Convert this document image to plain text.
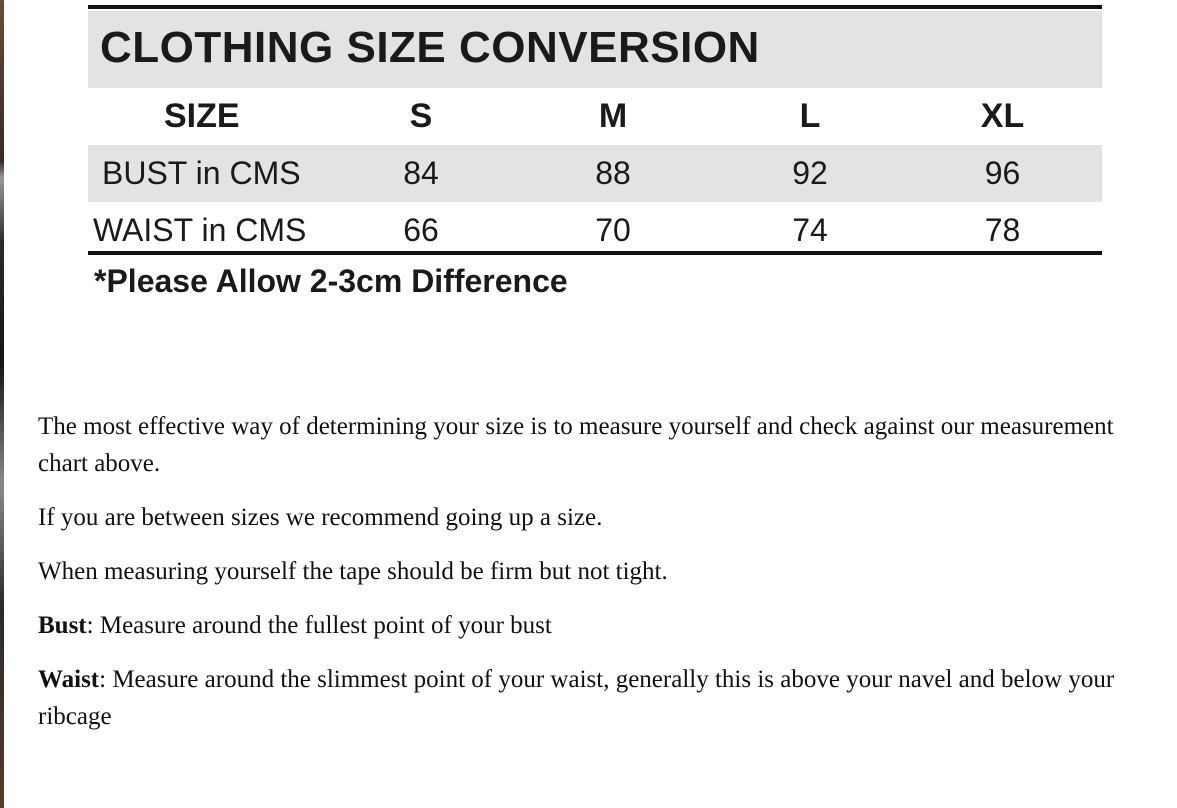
CLOTHING SIZE CONVERSION
SIZE	S	M	L	XL
BUST in CMS	84	88	92	96
WAIST in CMS	66	70	74	78
*Please Allow 2-3cm Difference

The most effective way of determining your size is to measure yourself and check against our measurement chart above.

If you are between sizes we recommend going up a size.

When measuring yourself the tape should be firm but not tight.

Bust: Measure around the fullest point of your bust

Waist: Measure around the slimmest point of your waist, generally this is above your navel and below your ribcage
